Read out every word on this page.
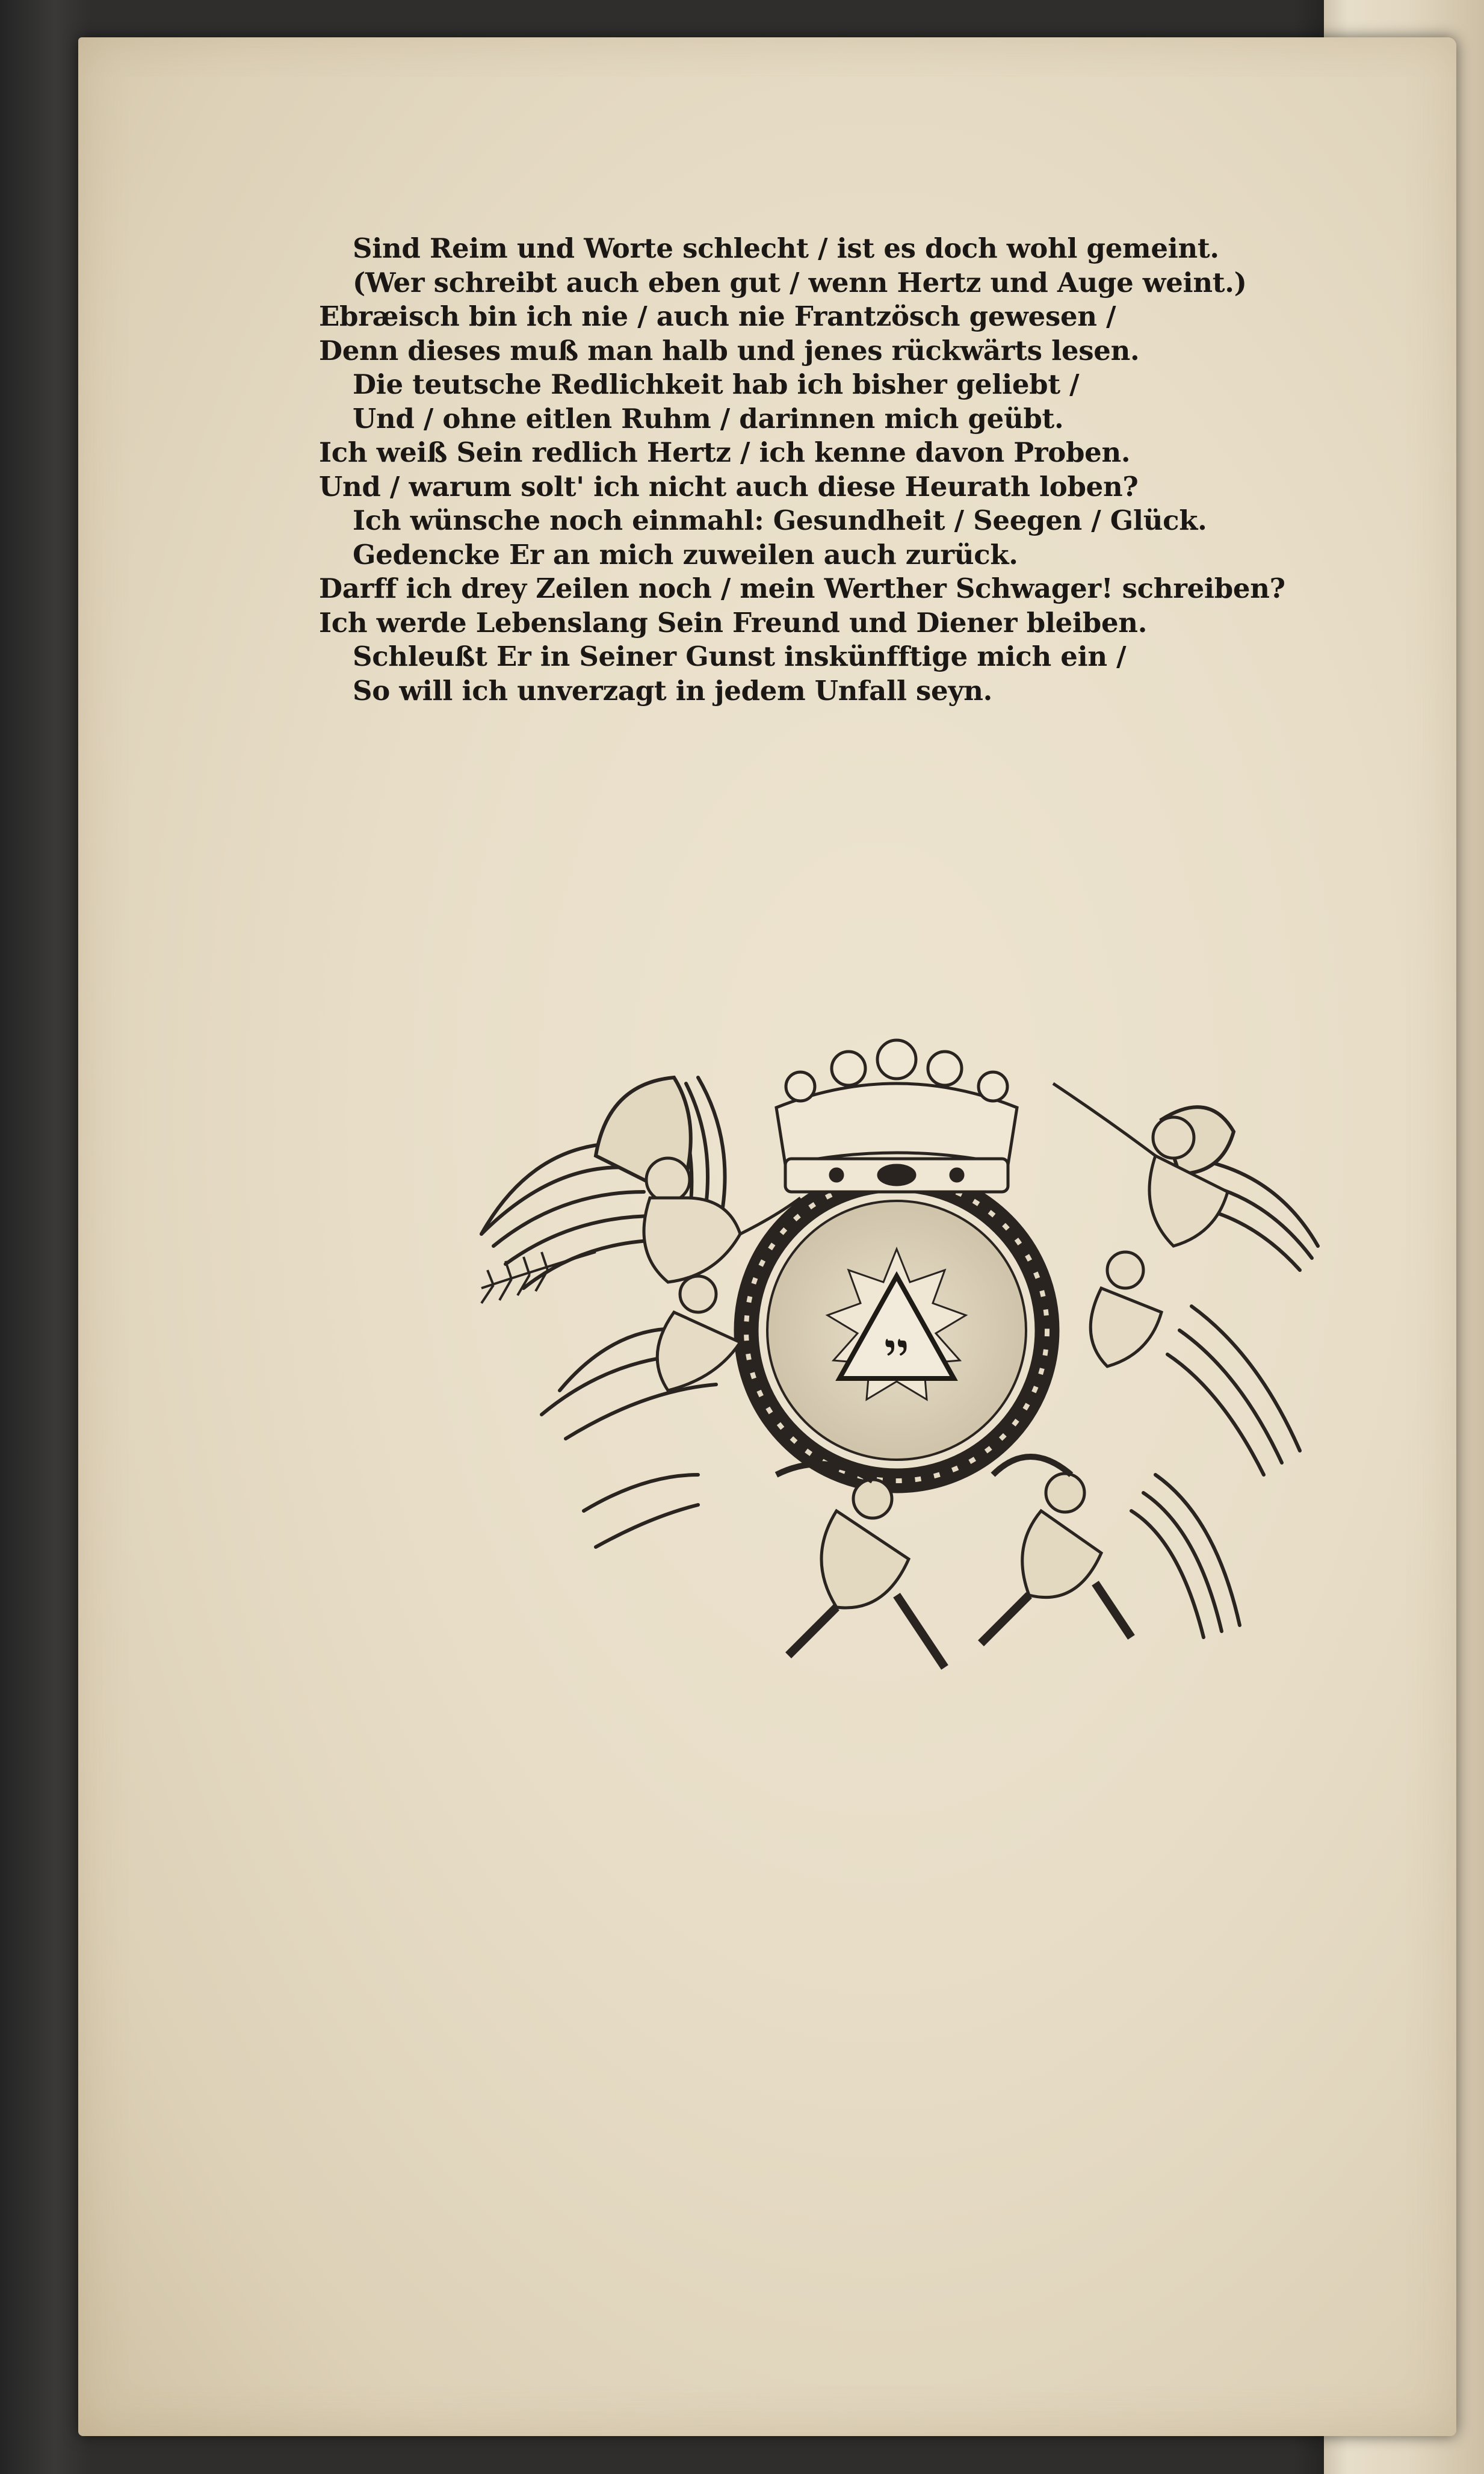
Sind Reim und Worte schlecht / ist es doch wohl gemeint.
(Wer schreibt auch eben gut / wenn Hertz und Auge weint.)
Ebræisch bin ich nie / auch nie Frantzösch gewesen /
Denn dieses muß man halb und jenes rückwärts lesen.
Die teutsche Redlichkeit hab ich bisher geliebt /
Und / ohne eitlen Ruhm / darinnen mich geübt.
Ich weiß Sein redlich Hertz / ich kenne davon Proben.
Und / warum solt' ich nicht auch diese Heurath loben?
Ich wünsche noch einmahl: Gesundheit / Seegen / Glück.
Gedencke Er an mich zuweilen auch zurück.
Darff ich drey Zeilen noch / mein Werther Schwager! schreiben?
Ich werde Lebenslang Sein Freund und Diener bleiben.
Schleußt Er in Seiner Gunst inskünfftige mich ein /
So will ich unverzagt in jedem Unfall seyn.
יי
